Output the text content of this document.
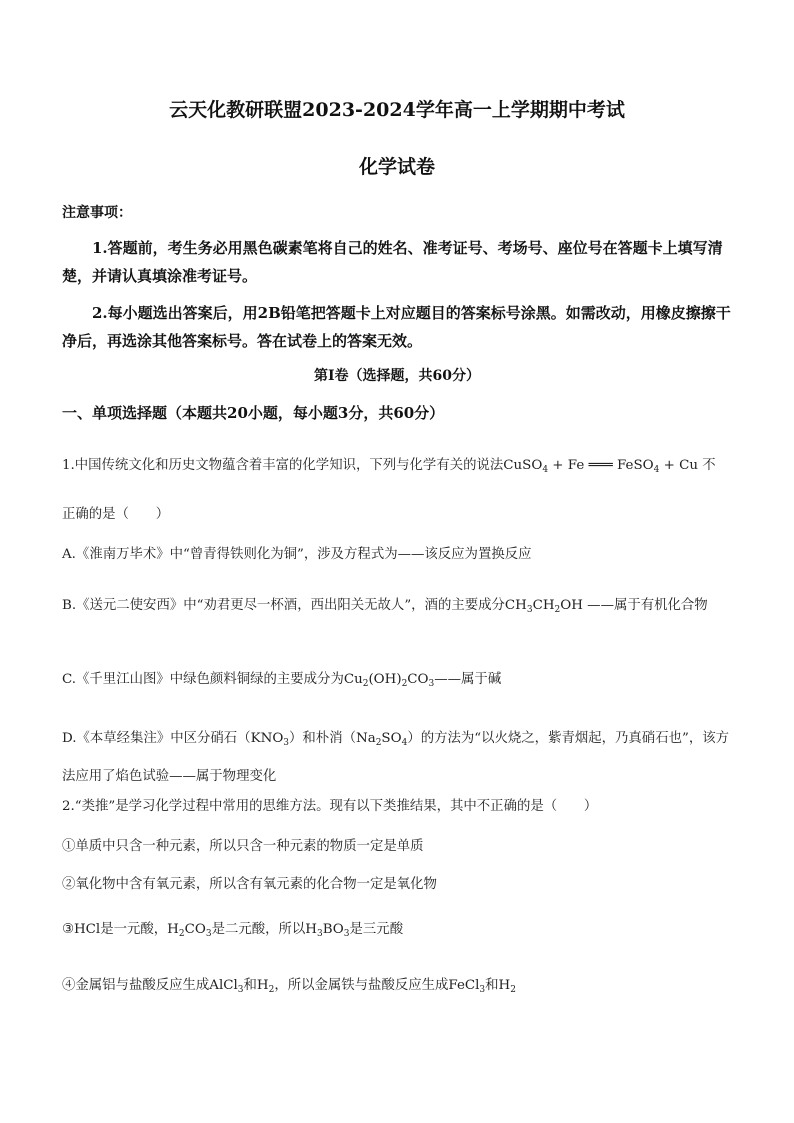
云天化教研联盟2023-2024学年高一上学期期中考试
化学试卷
注意事项：
1.答题前，考生务必用黑色碳素笔将自己的姓名、准考证号、考场号、座位号在答题卡上填写清楚，并请认真填涂准考证号。
2.每小题选出答案后，用2B铅笔把答题卡上对应题目的答案标号涂黑。如需改动，用橡皮擦擦干净后，再选涂其他答案标号。答在试卷上的答案无效。
第Ⅰ卷（选择题，共60分）
一、单项选择题（本题共20小题，每小题3分，共60分）
1.中国传统文化和历史文物蕴含着丰富的化学知识，下列与化学有关的说法CuSO$_4$ + Fe ═══ FeSO$_4$ + Cu 不
正确的是（　　）
A.《淮南万毕术》中“曾青得铁则化为铜”，涉及方程式为——该反应为置换反应
B.《送元二使安西》中“劝君更尽一杯酒，西出阳关无故人”，酒的主要成分$CH_3CH_2OH$ ——属于有机化合物
C.《千里江山图》中绿色颜料铜绿的主要成分为$Cu_2(OH)_2CO_3——$属于碱
D.《本草经集注》中区分硝石$(KNO_3)$和朴消$(Na_2SO_4)$的方法为“以火烧之，紫青烟起，乃真硝石也”，该方法应用了焰色试验——属于物理变化
2.“类推”是学习化学过程中常用的思维方法。现有以下类推结果，其中不正确的是（　　）
①单质中只含一种元素，所以只含一种元素的物质一定是单质
②氧化物中含有氧元素，所以含有氧元素的化合物一定是氧化物
③HCl是一元酸，$H_2CO_3$是二元酸，所以$H_3BO_3$是三元酸
④金属铝与盐酸反应生成AlCl$_3$和$H_2$，所以金属铁与盐酸反应生成FeCl$_3$和$H_2$
